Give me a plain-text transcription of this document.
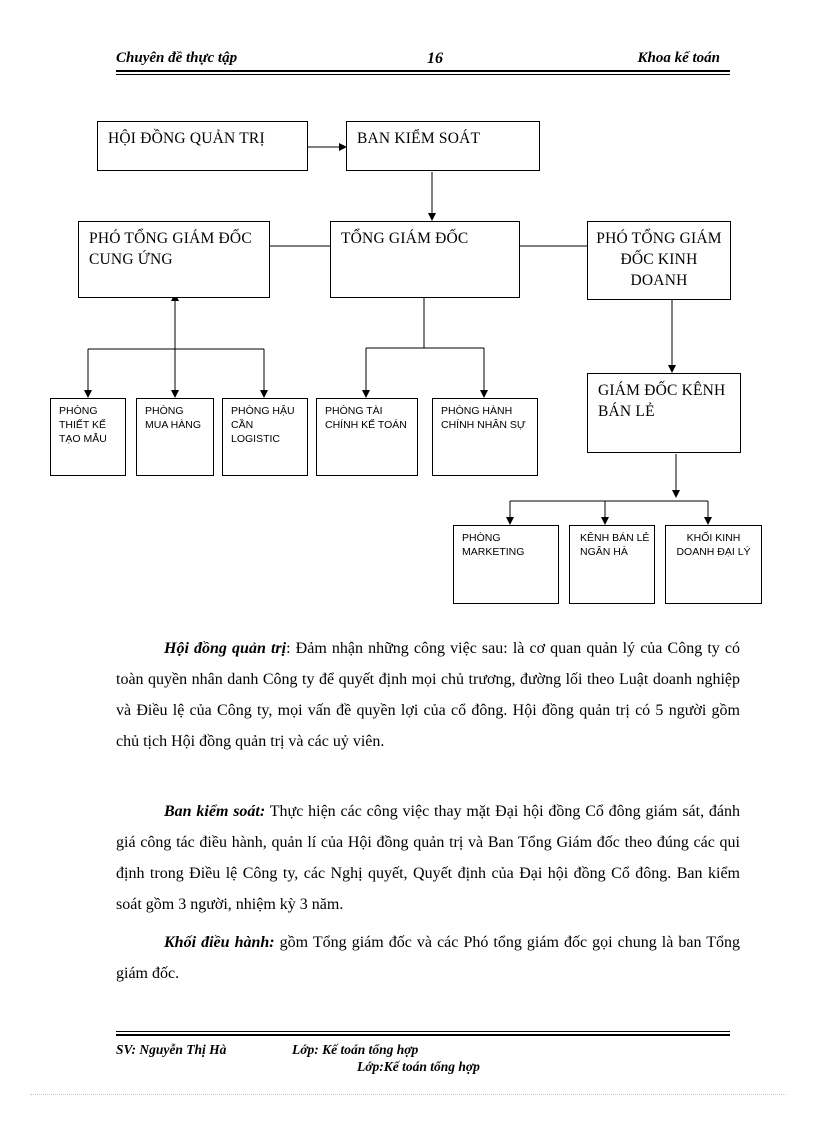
Chuyên đề thực tập	16	Khoa kế toán
HỘI ĐỒNG QUẢN TRỊ	BAN KIỂM SOÁT
PHÓ TỔNG GIÁM ĐỐC CUNG ỨNG
TỔNG GIÁM ĐỐC	PHÓ TỔNG GIÁM ĐỐC KINH DOANH
PHÒNG THIẾT KẾ TẠO MẪU
PHÒNG MUA HÀNG
PHÒNG HẬU CẦN LOGISTIC
PHÒNG TÀI CHÍNH KẾ TOÁN
PHÒNG HÀNH CHÍNH NHÂN SỰ
GIÁM ĐỐC KÊNH BÁN LẺ
PHÒNG MARKETING
KÊNH BÁN LẺ NGÂN HÀ
KHỐI KINH DOANH ĐẠI LÝ
Hội đồng quản trị: Đảm nhận những công việc sau: là cơ quan quản lý của Công ty có toàn quyền nhân danh Công ty để quyết định mọi chủ trương, đường lối theo Luật doanh nghiệp và Điều lệ của Công ty, mọi vấn đề quyền lợi của cổ đông. Hội đồng quản trị có 5 người gồm chủ tịch Hội đồng quản trị và các uỷ viên.
Ban kiểm soát: Thực hiện các công việc thay mặt Đại hội đồng Cổ đông giám sát, đánh giá công tác điều hành, quản lí của Hội đồng quản trị và Ban Tổng Giám đốc theo đúng các qui định trong Điều lệ Công ty, các Nghị quyết, Quyết định của Đại hội đồng Cổ đông. Ban kiểm soát gồm 3 người, nhiệm kỳ 3 năm.
Khối điều hành: gồm Tổng giám đốc và các Phó tổng giám đốc gọi chung là ban Tổng giám đốc.
SV: Nguyễn Thị Hà	Lớp: Kế toán tổng hợp
Lớp:Kế toán tổng hợp
